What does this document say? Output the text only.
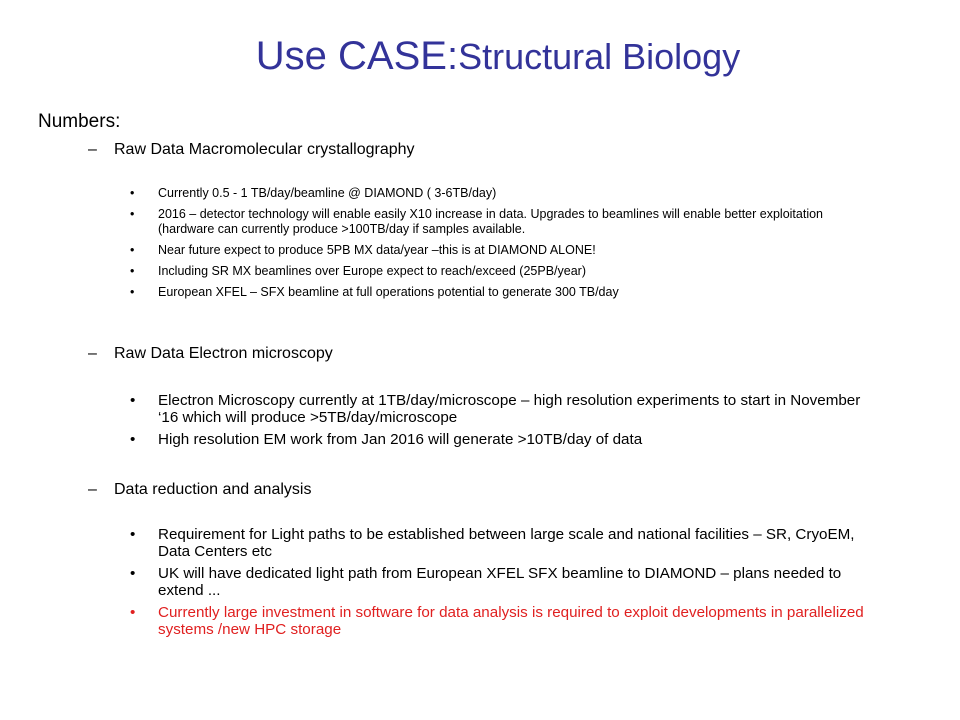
Use CASE:Structural Biology
Numbers:
– Raw Data Macromolecular crystallography
• Currently 0.5 - 1 TB/day/beamline @ DIAMOND ( 3-6TB/day)
• 2016 – detector technology will enable easily X10 increase in data. Upgrades to beamlines will enable better exploitation (hardware can currently produce >100TB/day if samples available.
• Near future expect to produce 5PB MX data/year –this is at DIAMOND ALONE!
• Including SR MX beamlines over Europe expect to reach/exceed (25PB/year)
• European XFEL – SFX beamline at full operations potential to generate 300 TB/day
– Raw Data Electron microscopy
• Electron Microscopy currently at 1TB/day/microscope – high resolution experiments to start in November ‘16 which will produce >5TB/day/microscope
• High resolution EM work from Jan 2016 will generate >10TB/day of data
– Data reduction and analysis
• Requirement for Light paths to be established between large scale and national facilities – SR, CryoEM, Data Centers etc
• UK will have dedicated light path from European XFEL SFX beamline to DIAMOND – plans needed to extend ...
• Currently large investment in software for data analysis is required to exploit developments in parallelized systems /new HPC storage
